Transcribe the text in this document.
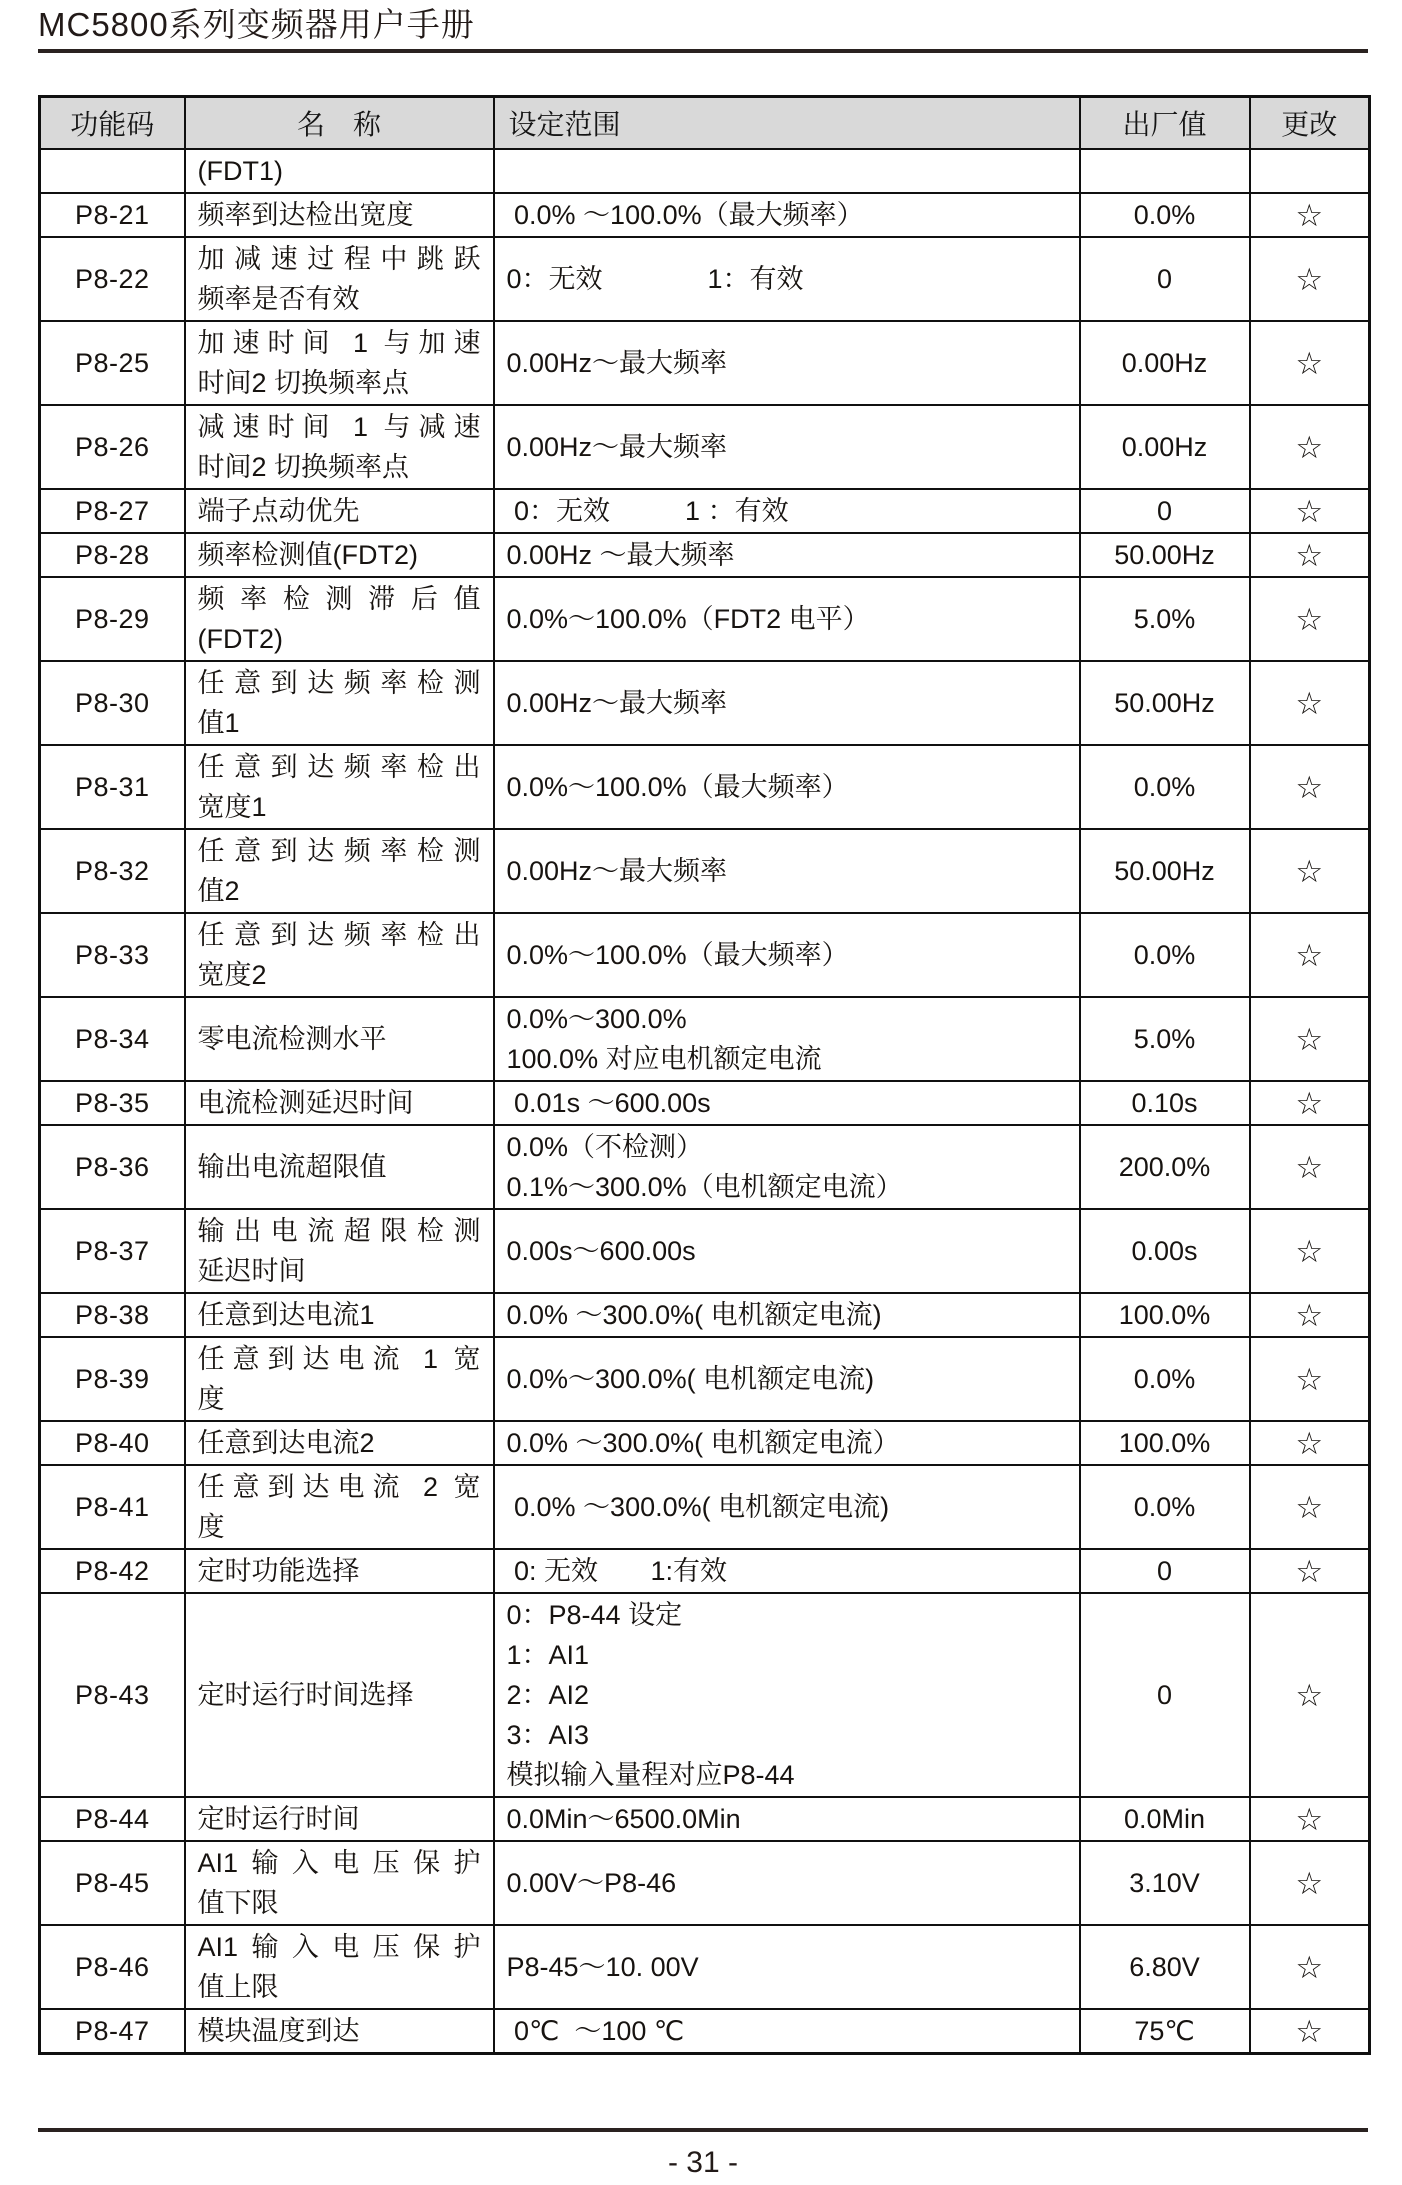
MC5800系列变频器用户手册
功能码	名　称	设定范围	出厂值	更改

	(FDT1)			

P8-21	频率到达检出宽度	0.0% ～100.0%（最大频率）	0.0%	☆
P8-22	加减速过程中跳跃
频率是否有效	0：无效              1：有效	0	☆
P8-25	加速时间 1 与加速
时间2 切换频率点	0.00Hz～最大频率	0.00Hz	☆
P8-26	减速时间 1 与减速
时间2 切换频率点	0.00Hz～最大频率	0.00Hz	☆
P8-27	端子点动优先	0：无效          1 ：有效	0	☆
P8-28	频率检测值(FDT2)	0.00Hz ～最大频率	50.00Hz	☆
P8-29	频率检测滞后值
(FDT2)	0.0%～100.0%（FDT2 电平）	5.0%	☆
P8-30	任意到达频率检测
值1	0.00Hz～最大频率	50.00Hz	☆
P8-31	任意到达频率检出
宽度1	0.0%～100.0%（最大频率）	0.0%	☆
P8-32	任意到达频率检测
值2	0.00Hz～最大频率	50.00Hz	☆
P8-33	任意到达频率检出
宽度2	0.0%～100.0%（最大频率）	0.0%	☆
P8-34	零电流检测水平	0.0%～300.0%
100.0% 对应电机额定电流	5.0%	☆
P8-35	电流检测延迟时间	0.01s ～600.00s	0.10s	☆
P8-36	输出电流超限值	0.0%（不检测）
0.1%～300.0%（电机额定电流）	200.0%	☆
P8-37	输出电流超限检测
延迟时间	0.00s～600.00s	0.00s	☆
P8-38	任意到达电流1	0.0% ～300.0%( 电机额定电流)	100.0%	☆
P8-39	任意到达电流 1 宽
度	0.0%～300.0%( 电机额定电流)	0.0%	☆
P8-40	任意到达电流2	0.0% ～300.0%( 电机额定电流）	100.0%	☆
P8-41	任意到达电流 2 宽
度	0.0% ～300.0%( 电机额定电流)	0.0%	☆
P8-42	定时功能选择	0: 无效       1:有效	0	☆
P8-43	定时运行时间选择	0：P8-44 设定
1：AI1
2：AI2
3：AI3
模拟输入量程对应P8-44	0	☆
P8-44	定时运行时间	0.0Min～6500.0Min	0.0Min	☆
P8-45	AI1输入电压保护
值下限	0.00V～P8-46	3.10V	☆
P8-46	AI1输入电压保护
值上限	P8-45～10. 00V	6.80V	☆
P8-47	模块温度到达	0℃  ～100 ℃	75℃	☆
- 31 -
